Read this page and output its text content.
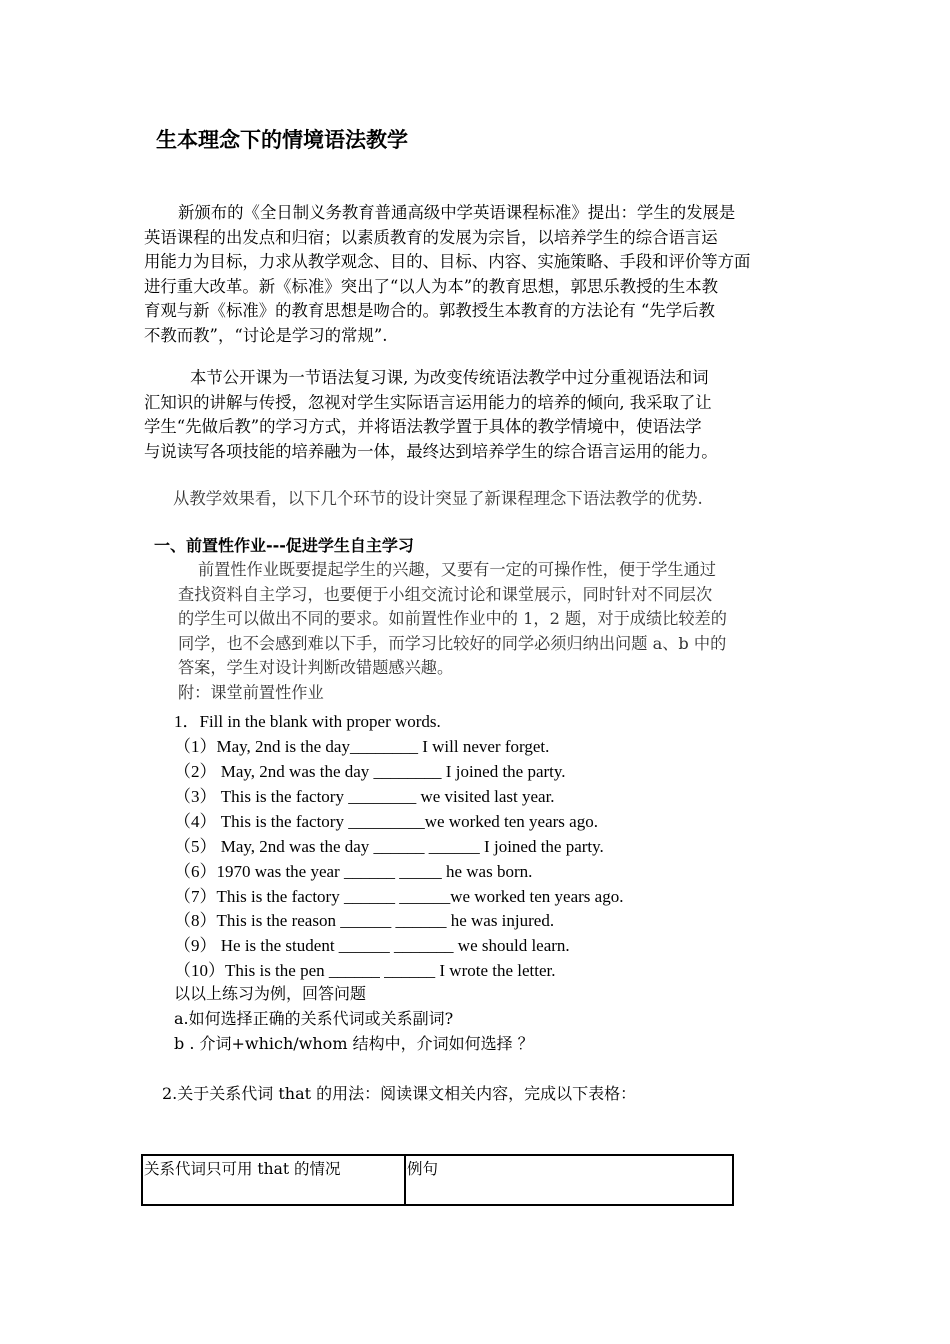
生本理念下的情境语法教学
新颁布的《全日制义务教育普通高级中学英语课程标准》提出：学生的发展是
英语课程的出发点和归宿；以素质教育的发展为宗旨，以培养学生的综合语言运
用能力为目标，力求从教学观念、目的、目标、内容、实施策略、手段和评价等方面
进行重大改革。新《标准》突出了“以人为本”的教育思想，郭思乐教授的生本教
育观与新《标准》的教育思想是吻合的。郭教授生本教育的方法论有 “先学后教
不教而教”，“讨论是学习的常规”.
本节公开课为一节语法复习课, 为改变传统语法教学中过分重视语法和词
汇知识的讲解与传授，忽视对学生实际语言运用能力的培养的倾向, 我采取了让
学生“先做后教”的学习方式，并将语法教学置于具体的教学情境中，使语法学
与说读写各项技能的培养融为一体，最终达到培养学生的综合语言运用的能力。
从教学效果看，以下几个环节的设计突显了新课程理念下语法教学的优势.
一、前置性作业---促进学生自主学习
前置性作业既要提起学生的兴趣，又要有一定的可操作性，便于学生通过
查找资料自主学习，也要便于小组交流讨论和课堂展示，同时针对不同层次
的学生可以做出不同的要求。如前置性作业中的 1，2 题，对于成绩比较差的
同学，也不会感到难以下手，而学习比较好的同学必须归纳出问题 a、b 中的
答案，学生对设计判断改错题感兴趣。
附：课堂前置性作业
1．Fill in the blank with proper words.
（1）May, 2nd is the day________ I will never forget.
（2） May, 2nd was the day ________ I joined the party.
（3） This is the factory ________ we visited last year.
（4） This is the factory _________we worked ten years ago.
（5） May, 2nd was the day ______ ______ I joined the party.
（6）1970 was the year ______ _____ he was born.
（7）This is the factory ______ ______we worked ten years ago.
（8）This is the reason ______ ______ he was injured.
（9） He is the student ______ _______ we should learn.
（10）This is the pen ______ ______ I wrote the letter.
以以上练习为例，回答问题
a.如何选择正确的关系代词或关系副词?
b . 介词+which/whom 结构中，介词如何选择 ？
2.关于关系代词 that 的用法：阅读课文相关内容，完成以下表格：
关系代词只可用 that 的情况	例句
